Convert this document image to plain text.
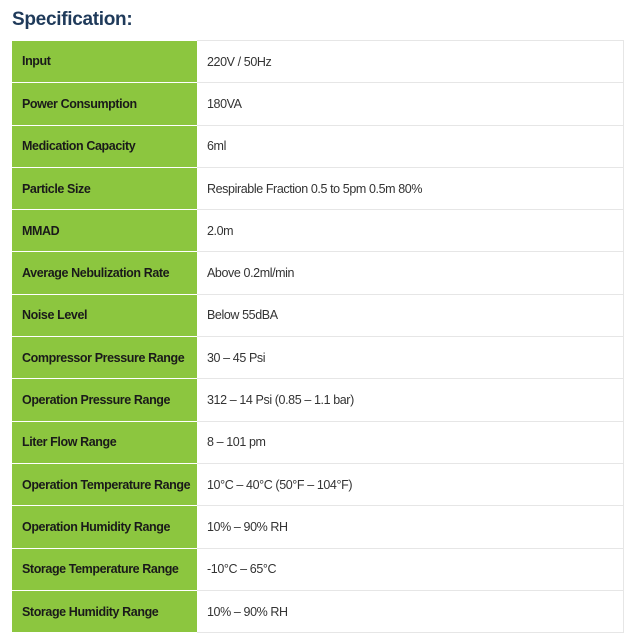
Specification:
Input	220V / 50Hz
Power Consumption	180VA
Medication Capacity	6ml
Particle Size	Respirable Fraction 0.5 to 5pm 0.5m 80%
MMAD	2.0m
Average Nebulization Rate	Above 0.2ml/min
Noise Level	Below 55dBA
Compressor Pressure Range	30 – 45 Psi
Operation Pressure Range	312 – 14 Psi (0.85 – 1.1 bar)
Liter Flow Range	8 – 101 pm
Operation Temperature Range	10°C – 40°C (50°F – 104°F)
Operation Humidity Range	10% – 90% RH
Storage Temperature Range	-10°C – 65°C
Storage Humidity Range	10% – 90% RH
